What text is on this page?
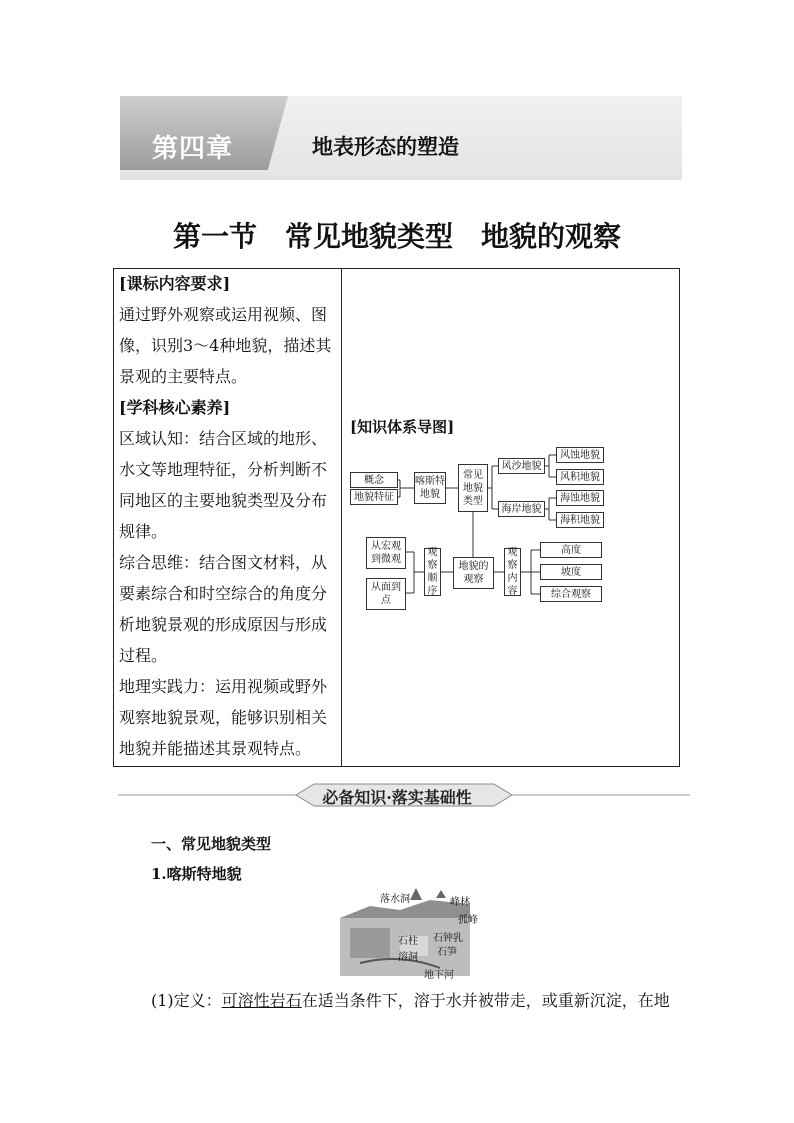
第四章	地表形态的塑造
第一节　常见地貌类型　地貌的观察

[课标内容要求]

通过野外观察或运用视频、图像，识别3～4种地貌，描述其景观的主要特点。

[学科核心素养]

区域认知：结合区域的地形、水文等地理特征，分析判断不同地区的主要地貌类型及分布规律。

综合思维：结合图文材料，从要素综合和时空综合的角度分析地貌景观的形成原因与形成过程。

地理实践力：运用视频或野外观察地貌景观，能够识别相关地貌并能描述其景观特点。

[知识体系导图]
概念
地貌特征
喀斯特地貌
常见地貌类型
风沙地貌
风蚀地貌
风积地貌
海岸地貌
海蚀地貌
海积地貌
从宏观到微观
从面到点
观察顺序
地貌的观察
观察内容
高度
坡度
综合观察
必备知识·落实基础性
一、常见地貌类型
1.喀斯特地貌
落水洞	峰林
孤峰
石柱
溶洞
石钟乳
石笋
地下河
(1)定义：可溶性岩石在适当条件下，溶于水并被带走，或重新沉淀，在地
